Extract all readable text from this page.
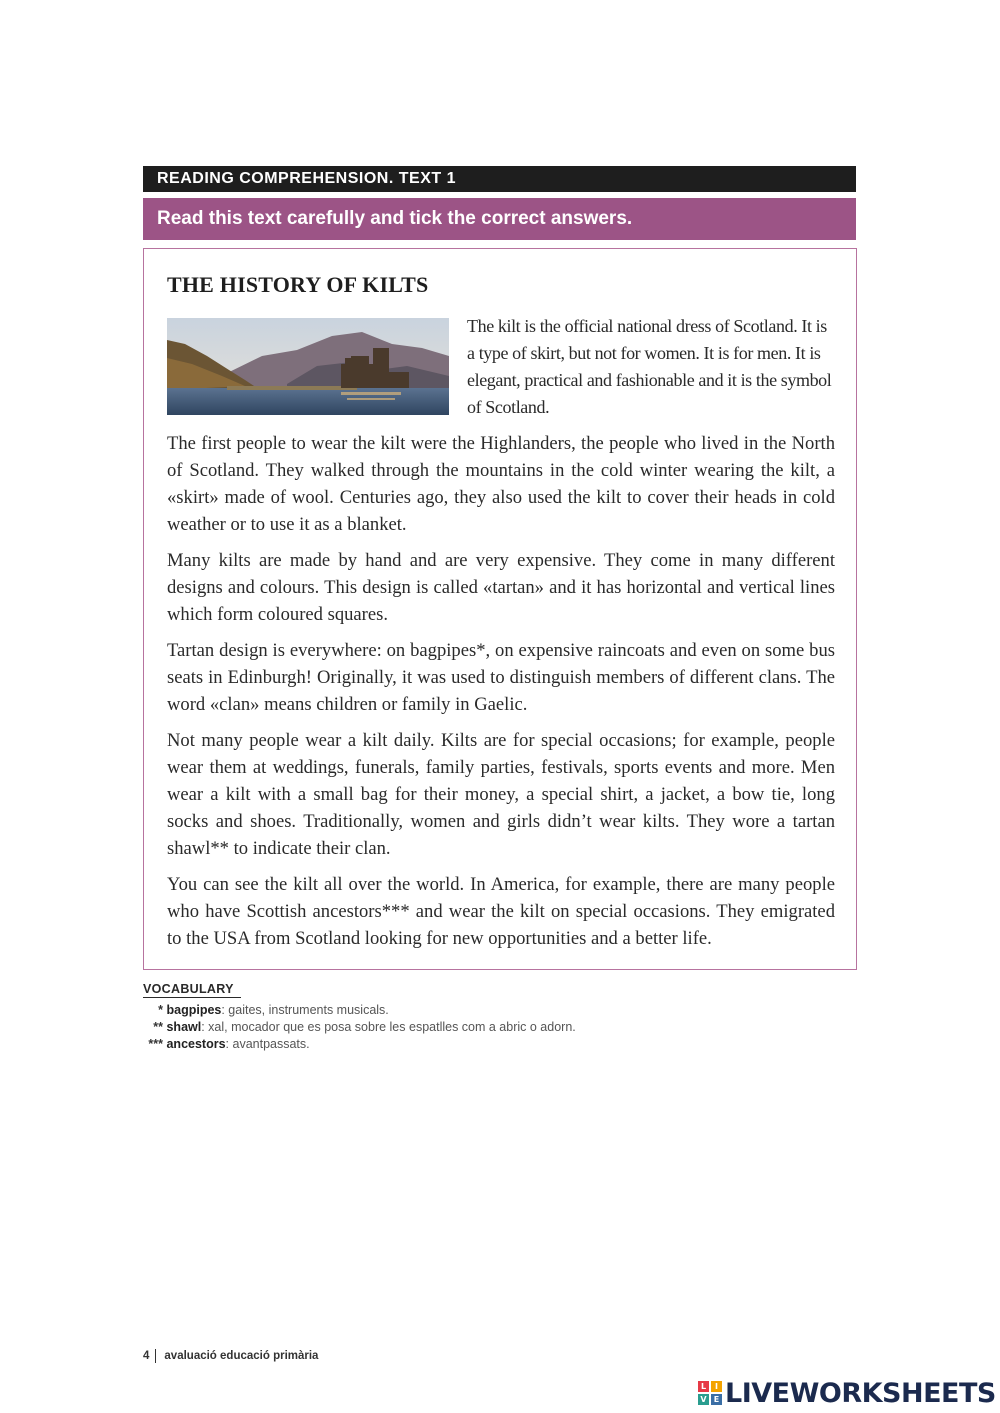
READING COMPREHENSION. TEXT 1
Read this text carefully and tick the correct answers.
THE HISTORY OF KILTS
The kilt is the official national dress of Scotland. It is a type of skirt, but not for women. It is for men. It is elegant, practical and fashionable and it is the symbol of Scotland.

The first people to wear the kilt were the Highlanders, the people who lived in the North of Scotland. They walked through the mountains in the cold winter wearing the kilt, a «skirt» made of wool. Centuries ago, they also used the kilt to cover their heads in cold weather or to use it as a blanket.

Many kilts are made by hand and are very expensive. They come in many different designs and colours. This design is called «tartan» and it has horizontal and vertical lines which form coloured squares.

Tartan design is everywhere: on bagpipes*, on expensive raincoats and even on some bus seats in Edinburgh! Originally, it was used to distinguish members of different clans. The word «clan» means children or family in Gaelic.

Not many people wear a kilt daily. Kilts are for special occasions; for example, people wear them at weddings, funerals, family parties, festivals, sports events and more. Men wear a kilt with a small bag for their money, a special shirt, a jacket, a bow tie, long socks and shoes. Traditionally, women and girls didn’t wear kilts. They wore a tartan shawl** to indicate their clan.

You can see the kilt all over the world. In America, for example, there are many people who have Scottish ancestors*** and wear the kilt on special occasions. They emigrated to the USA from Scotland looking for new opportunities and a better life.

VOCABULARY
* bagpipes: gaites, instruments musicals.
** shawl: xal, mocador que es posa sobre les espatlles com a abric o adorn.
*** ancestors: avantpassats.
4 avaluació educació primària
L	I
V E LIVEWORKSHEETS
